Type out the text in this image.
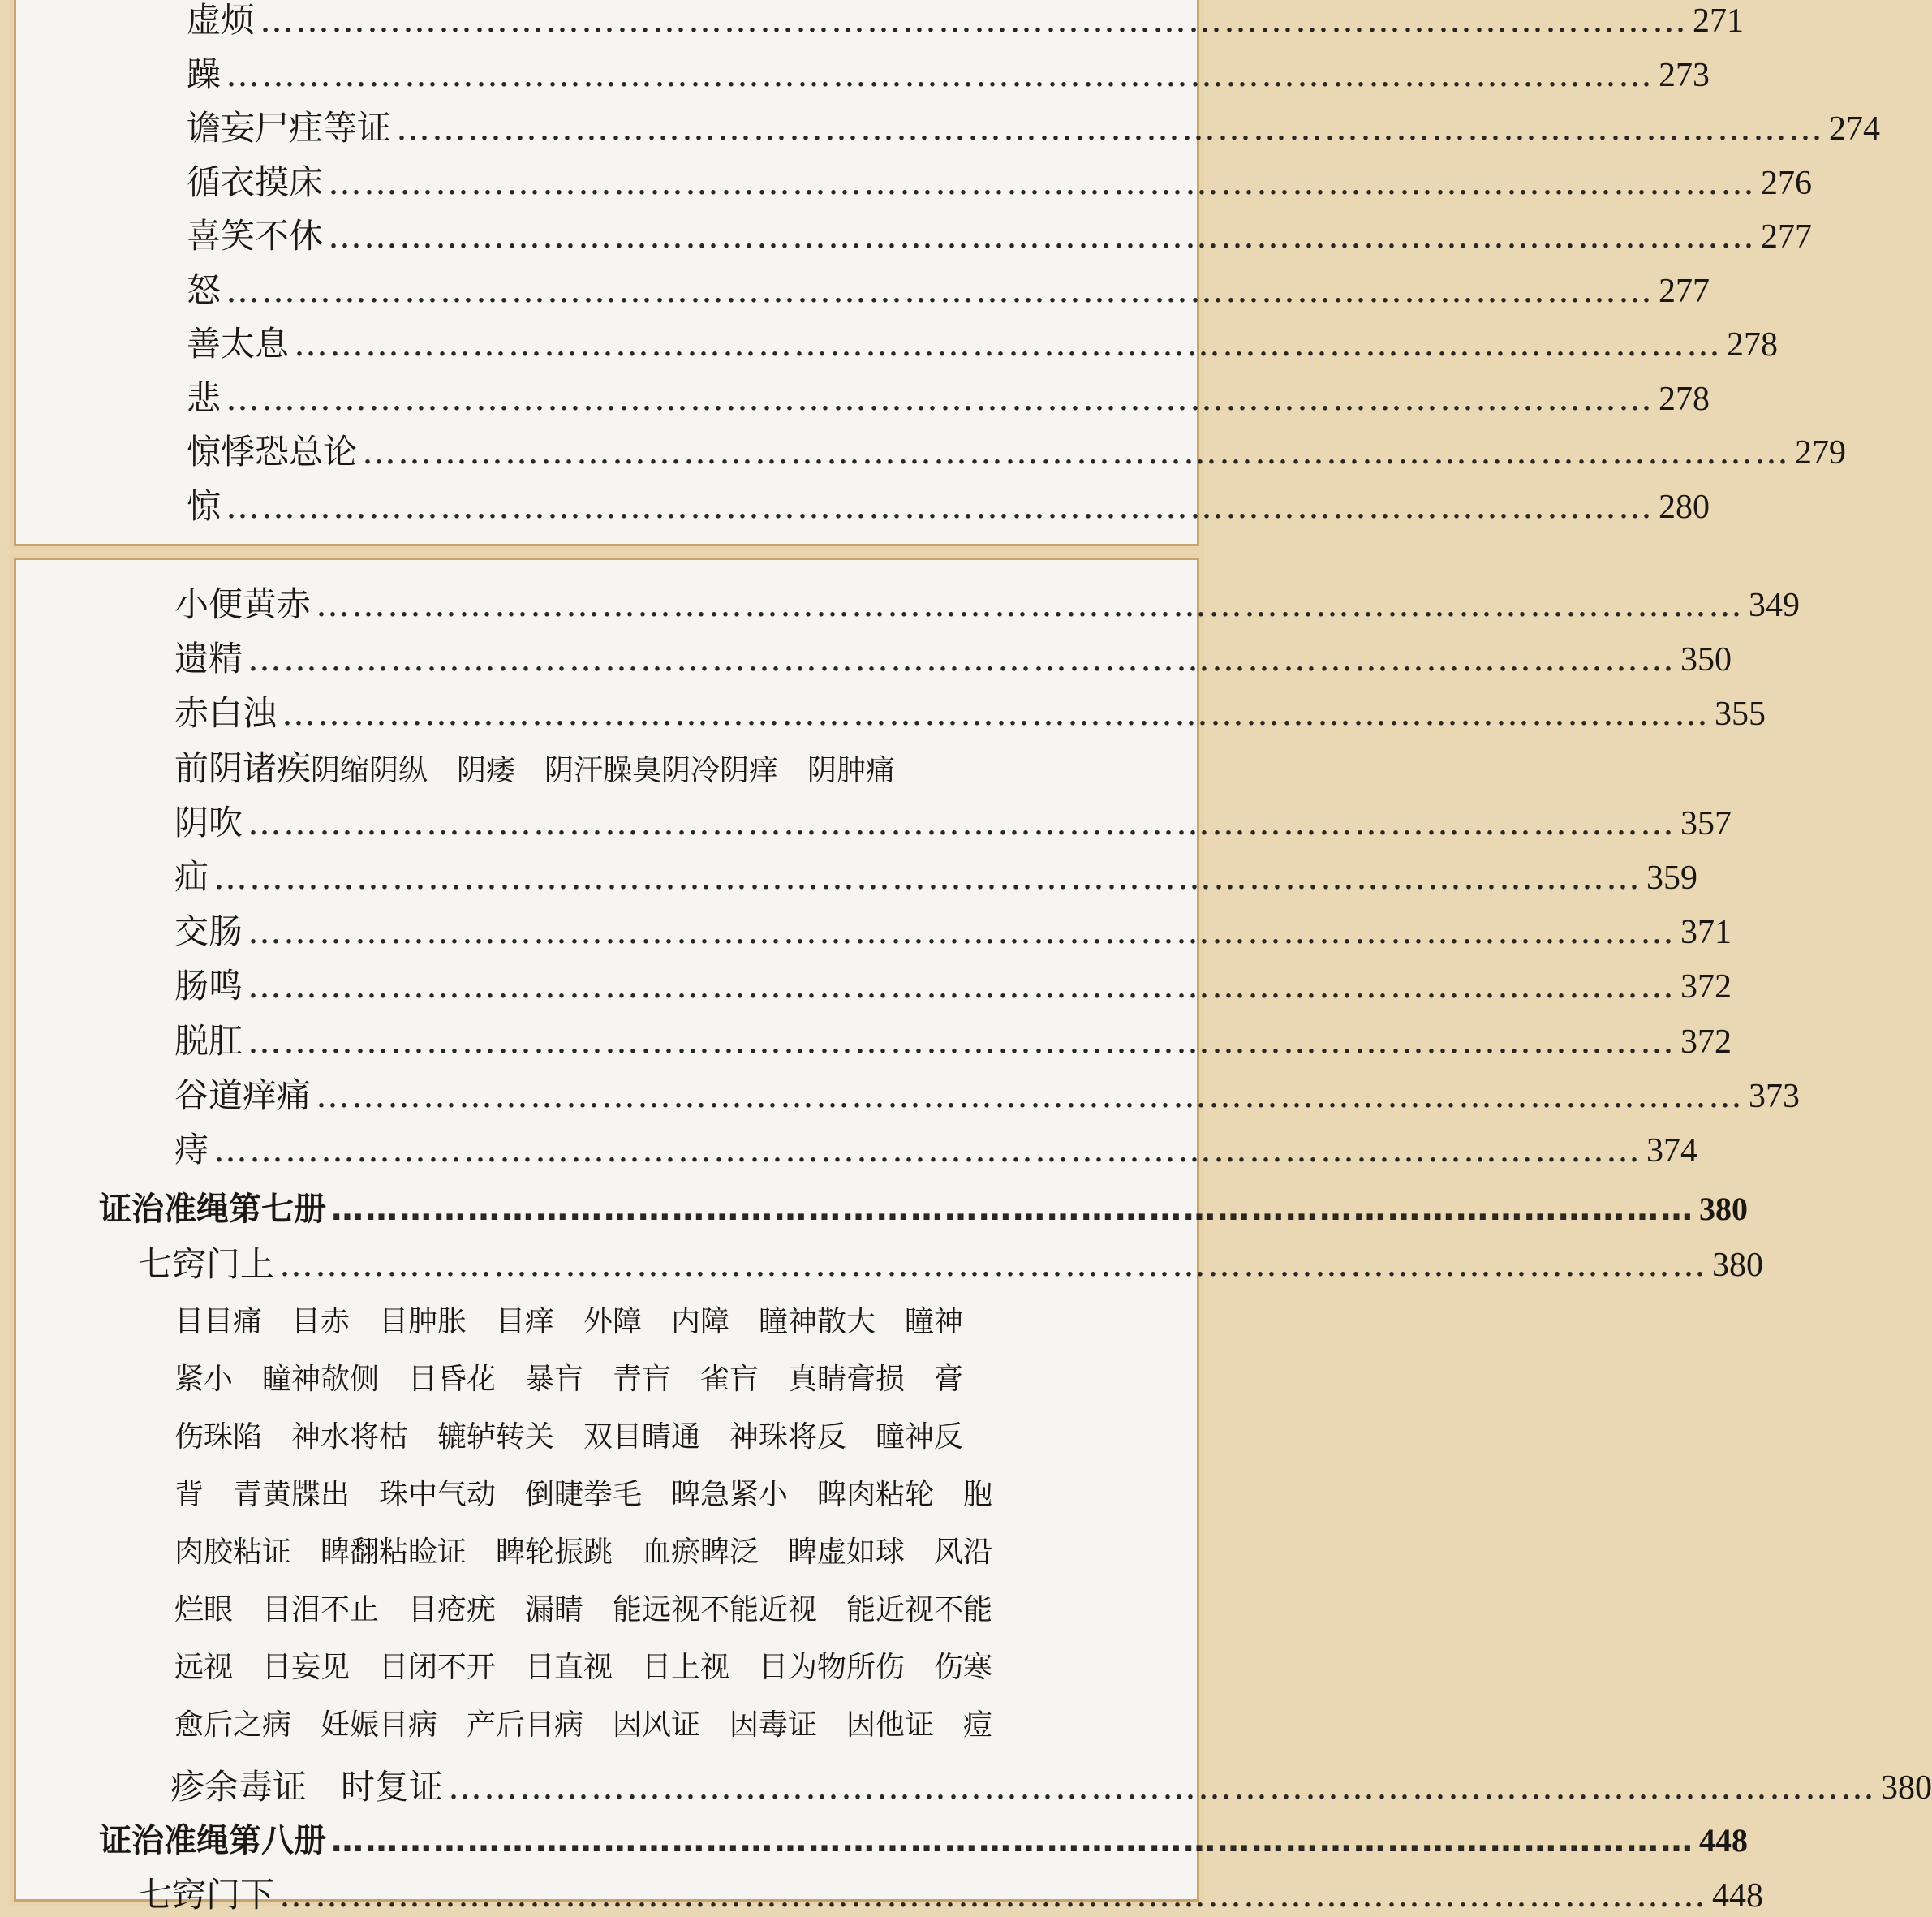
虚烦 ………………………………………………………………………………………………………… 271
躁 ………………………………………………………………………………………………………… 273
谵妄尸疰等证 ………………………………………………………………………………………………………… 274
循衣摸床 ………………………………………………………………………………………………………… 276
喜笑不休 ………………………………………………………………………………………………………… 277
怒 ………………………………………………………………………………………………………… 277
善太息 ………………………………………………………………………………………………………… 278
悲 ………………………………………………………………………………………………………… 278
惊悸恐总论 ………………………………………………………………………………………………………… 279
惊 ………………………………………………………………………………………………………… 280
小便黄赤 ………………………………………………………………………………………………………… 349
遗精 ………………………………………………………………………………………………………… 350
赤白浊 ………………………………………………………………………………………………………… 355
前阴诸疾 阴缩阴纵　阴痿　阴汗臊臭阴冷阴痒　阴肿痛
阴吹 ………………………………………………………………………………………………………… 357
疝 ………………………………………………………………………………………………………… 359
交肠 ………………………………………………………………………………………………………… 371
肠鸣 ………………………………………………………………………………………………………… 372
脱肛 ………………………………………………………………………………………………………… 372
谷道痒痛 ………………………………………………………………………………………………………… 373
痔 ………………………………………………………………………………………………………… 374
证治准绳第七册 ………………………………………………………………………………………………………… 380
七窍门上 ………………………………………………………………………………………………………… 380
目目痛　目赤　目肿胀　目痒　外障　内障　瞳神散大　瞳神
紧小　瞳神欹侧　目昏花　暴盲　青盲　雀盲　真睛膏损　膏
伤珠陷　神水将枯　辘轳转关　双目睛通　神珠将反　瞳神反
背　青黄牒出　珠中气动　倒睫拳毛　睥急紧小　睥肉粘轮　胞
肉胶粘证　睥翻粘睑证　睥轮振跳　血瘀睥泛　睥虚如球　风沿
烂眼　目泪不止　目疮疣　漏睛　能远视不能近视　能近视不能
远视　目妄见　目闭不开　目直视　目上视　目为物所伤　伤寒
愈后之病　妊娠目病　产后目病　因风证　因毒证　因他证　痘
疹余毒证　时复证 ………………………………………………………………………………………………………… 380
证治准绳第八册 ………………………………………………………………………………………………………… 448
七窍门下 ………………………………………………………………………………………………………… 448
